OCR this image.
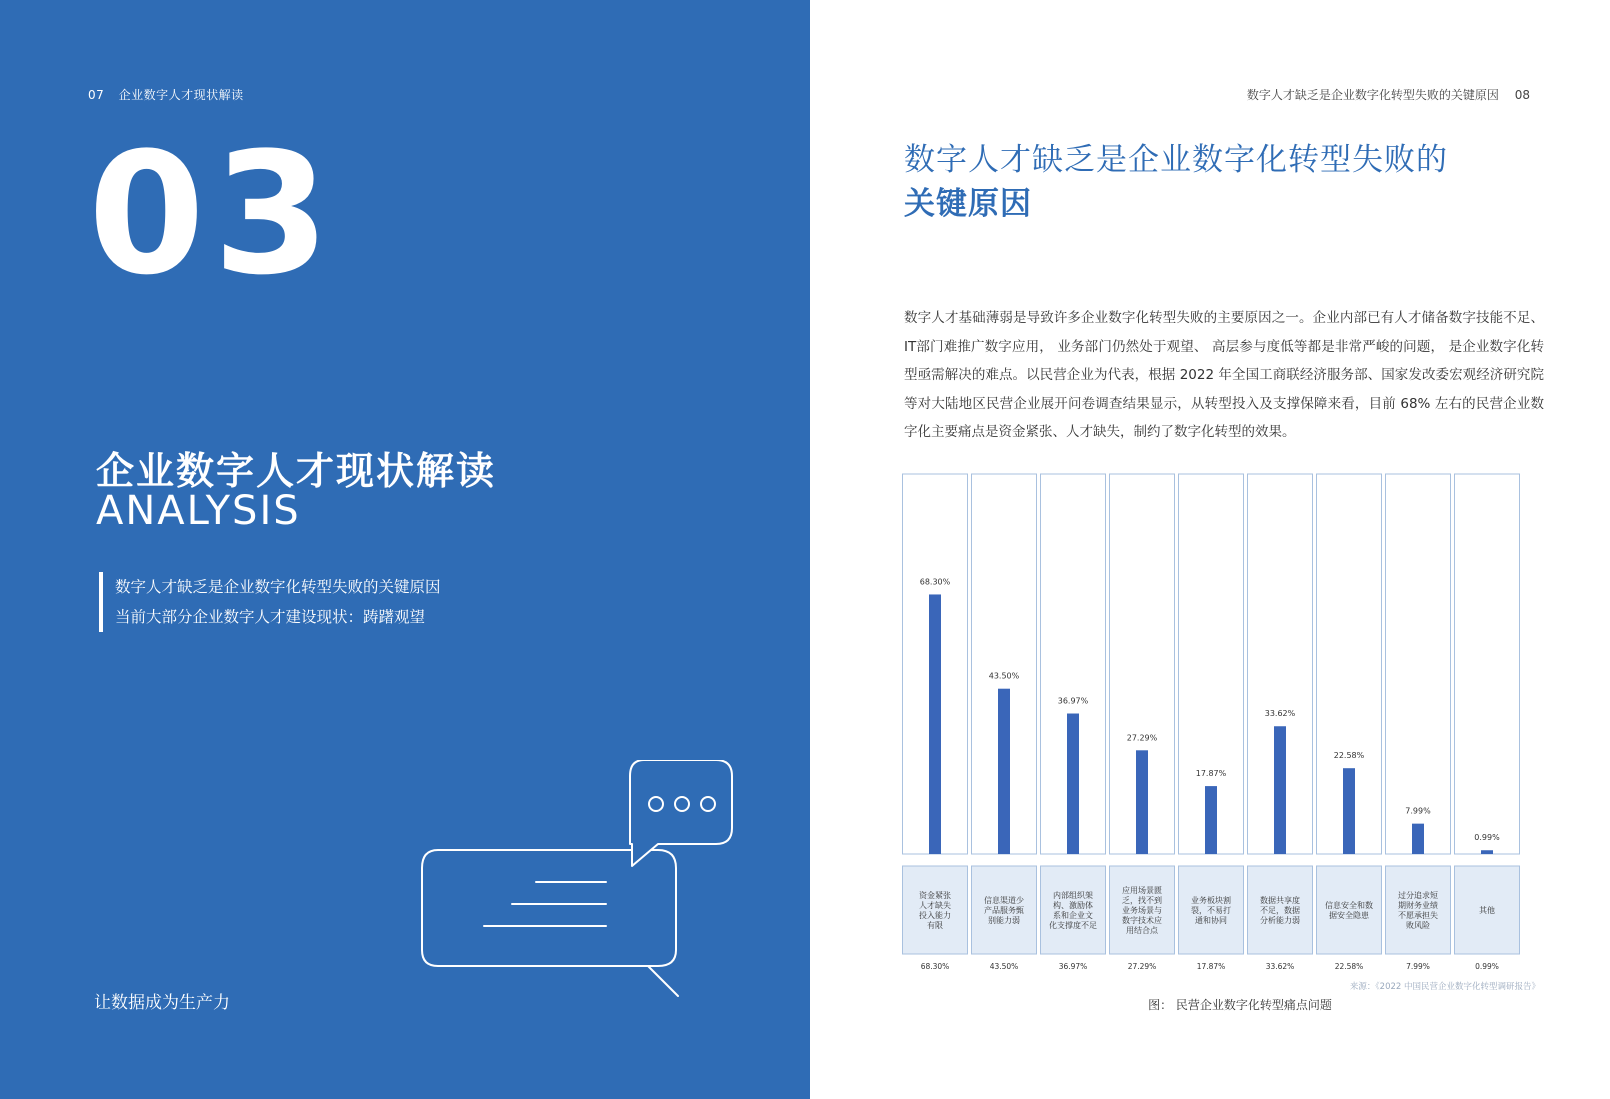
07 企业数字人才现状解读
03
企业数字人才现状解读
ANALYSIS
数字人才缺乏是企业数字化转型失败的关键原因
当前大部分企业数字人才建设现状：踌躇观望
让数据成为生产力
数字人才缺乏是企业数字化转型失败的关键原因 08
数字人才缺乏是企业数字化转型失败的
关键原因
数字人才基础薄弱是导致许多企业数字化转型失败的主要原因之一。企业内部已有人才储备数字技能不足、IT部门难推广数字应用， 业务部门仍然处于观望、 高层参与度低等都是非常严峻的问题， 是企业数字化转型亟需解决的难点。以民营企业为代表，根据 2022 年全国工商联经济服务部、国家发改委宏观经济研究院等对大陆地区民营企业展开问卷调查结果显示，从转型投入及支撑保障来看，目前 68% 左右的民营企业数字化主要痛点是资金紧张、人才缺失，制约了数字化转型的效果。
68.30%
资金紧张人才缺失投入能力有限
68.30%
43.50%
信息渠道少产品服务甄别能力弱
43.50%
36.97%
内部组织架构、激励体系和企业文化支撑度不足
36.97%
27.29%
应用场景匮乏，找不到业务场景与数字技术应用结合点
27.29%
17.87%
业务板块割裂，不易打通和协同
17.87%
33.62%
数据共享度不足，数据分析能力弱
33.62%
22.58%
信息安全和数据安全隐患
22.58%
7.99%
过分追求短期财务业绩不愿承担失败风险
7.99%
0.99%
其他
0.99%
来源：《2022 中国民营企业数字化转型调研报告》
图： 民营企业数字化转型痛点问题
